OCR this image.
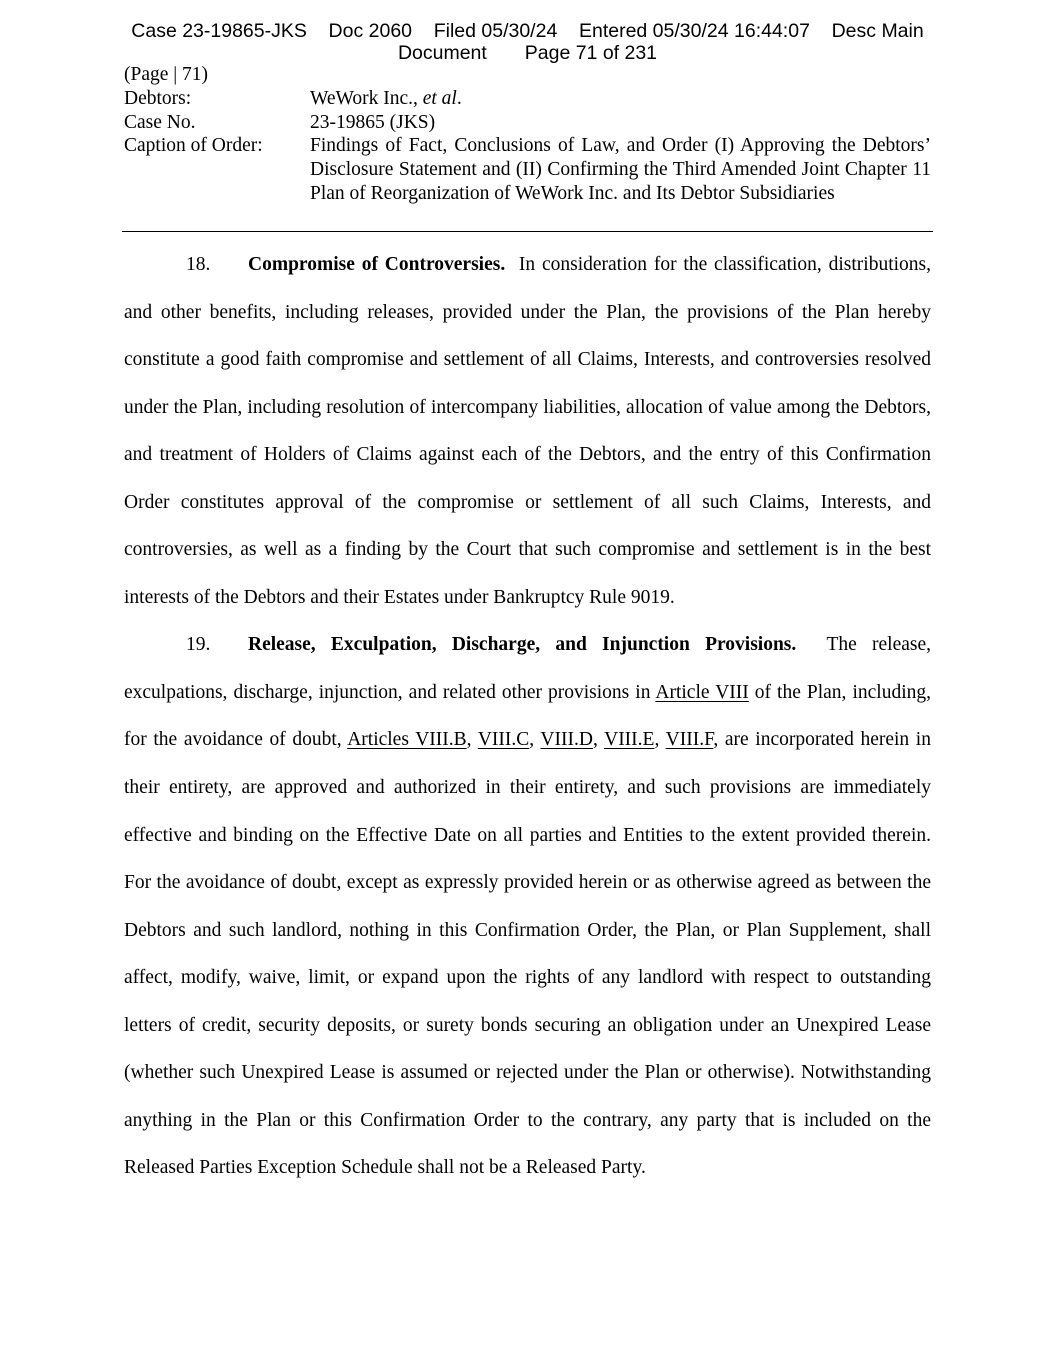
Case 23-19865-JKS Doc 2060 Filed 05/30/24 Entered 05/30/24 16:44:07 Desc Main
Document Page 71 of 231
(Page | 71)
Debtors:	WeWork Inc., et al.
Case No.	23-19865 (JKS)
Caption of Order:	Findings of Fact, Conclusions of Law, and Order (I) Approving the Debtors’ Disclosure Statement and (II) Confirming the Third Amended Joint Chapter 11 Plan of Reorganization of WeWork Inc. and Its Debtor Subsidiaries

18. Compromise of Controversies. In consideration for the classification, distributions, and other benefits, including releases, provided under the Plan, the provisions of the Plan hereby constitute a good faith compromise and settlement of all Claims, Interests, and controversies resolved under the Plan, including resolution of intercompany liabilities, allocation of value among the Debtors, and treatment of Holders of Claims against each of the Debtors, and the entry of this Confirmation Order constitutes approval of the compromise or settlement of all such Claims, Interests, and controversies, as well as a finding by the Court that such compromise and settlement is in the best interests of the Debtors and their Estates under Bankruptcy Rule 9019.

19. Release, Exculpation, Discharge, and Injunction Provisions. The release, exculpations, discharge, injunction, and related other provisions in Article VIII of the Plan, including, for the avoidance of doubt, Articles VIII.B, VIII.C, VIII.D, VIII.E, VIII.F, are incorporated herein in their entirety, are approved and authorized in their entirety, and such provisions are immediately effective and binding on the Effective Date on all parties and Entities to the extent provided therein. For the avoidance of doubt, except as expressly provided herein or as otherwise agreed as between the Debtors and such landlord, nothing in this Confirmation Order, the Plan, or Plan Supplement, shall affect, modify, waive, limit, or expand upon the rights of any landlord with respect to outstanding letters of credit, security deposits, or surety bonds securing an obligation under an Unexpired Lease (whether such Unexpired Lease is assumed or rejected under the Plan or otherwise). Notwithstanding anything in the Plan or this Confirmation Order to the contrary, any party that is included on the Released Parties Exception Schedule shall not be a Released Party.
